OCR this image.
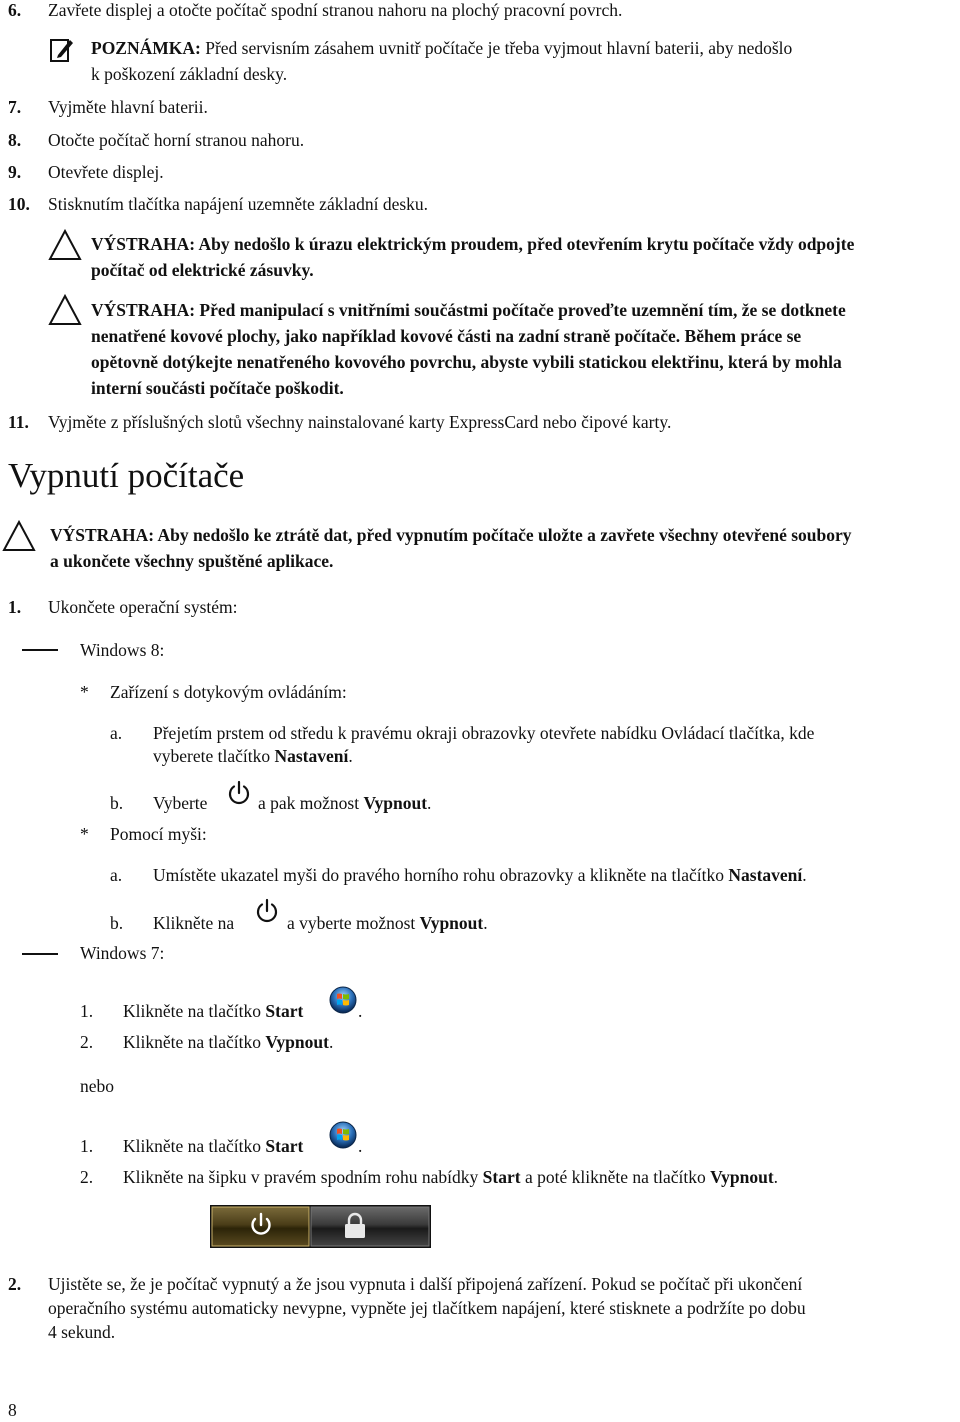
6. Zavřete displej a otočte počítač spodní stranou nahoru na plochý pracovní povrch.
POZNÁMKA: Před servisním zásahem uvnitř počítače je třeba vyjmout hlavní baterii, aby nedošlo
k poškození základní desky.
7. Vyjměte hlavní baterii.
8. Otočte počítač horní stranou nahoru.
9. Otevřete displej.
10. Stisknutím tlačítka napájení uzemněte základní desku.
VÝSTRAHA: Aby nedošlo k úrazu elektrickým proudem, před otevřením krytu počítače vždy odpojte
počítač od elektrické zásuvky.
VÝSTRAHA: Před manipulací s vnitřními součástmi počítače proveďte uzemnění tím, že se dotknete
nenatřené kovové plochy, jako například kovové části na zadní straně počítače. Během práce se
opětovně dotýkejte nenatřeného kovového povrchu, abyste vybili statickou elektřinu, která by mohla
interní součásti počítače poškodit.
11. Vyjměte z příslušných slotů všechny nainstalované karty ExpressCard nebo čipové karty.
Vypnutí počítače
VÝSTRAHA: Aby nedošlo ke ztrátě dat, před vypnutím počítače uložte a zavřete všechny otevřené soubory
a ukončete všechny spuštěné aplikace.
1. Ukončete operační systém:
Windows 8:
* Zařízení s dotykovým ovládáním:
a. Přejetím prstem od středu k pravému okraji obrazovky otevřete nabídku Ovládací tlačítka, kde
vyberete tlačítko Nastavení.
b. Vyberte	a pak možnost Vypnout.
* Pomocí myši:
a. Umístěte ukazatel myši do pravého horního rohu obrazovky a klikněte na tlačítko Nastavení.
b. Klikněte na	a vyberte možnost Vypnout.
Windows 7:
1. Klikněte na tlačítko Start	.
2. Klikněte na tlačítko Vypnout.
nebo
1. Klikněte na tlačítko Start	.
2. Klikněte na šipku v pravém spodním rohu nabídky Start a poté klikněte na tlačítko Vypnout.
2. Ujistěte se, že je počítač vypnutý a že jsou vypnuta i další připojená zařízení. Pokud se počítač při ukončení
operačního systému automaticky nevypne, vypněte jej tlačítkem napájení, které stisknete a podržíte po dobu
4 sekund.
8
